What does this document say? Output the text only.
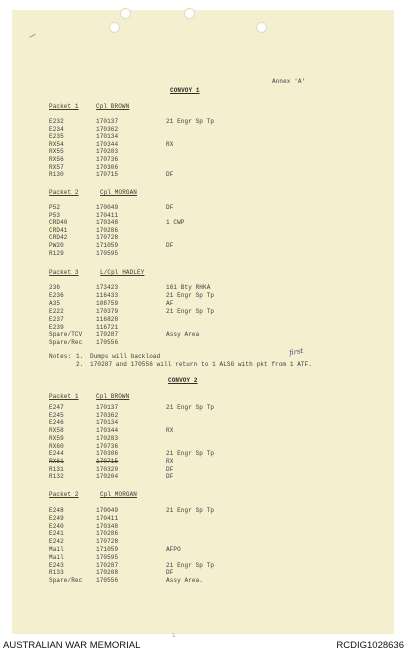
/
Annex 'A'
CONVOY 1
Packet 1	Cpl BROWN
E232	170137	21 Engr Sp Tp
E234	170362
E235	170134
RX54	170344	RX
RX55	170283
RX56	170736
RX57	170306
R130	170715	DF
Packet 2	Cpl MORGAN
P52	170049	DF
P53	170411
CRD40	170348	1 CWP
CRD41	170286
CRD42	170728
PW20	171059	DF
R129	170595
Packet 3	L/Cpl HADLEY
236	173423	161 Bty RHKA
E236	116433	21 Engr Sp Tp
A35	108759	AF
E222	170379	21 Engr Sp Tp
E237	116828
E239	116721
Spare/TCV 170287	Assy Area
Spare/Rec 170556
Notes: 1. Dumps will backload
2. 170287 and 170556 will return to 1 ALSG with pkt from 1 ATF.
first
CONVOY 2
Packet 1	Cpl BROWN
E247	170137	21 Engr Sp Tp
E245	170362
E246	170134
RX58	170344	RX
RX59	170283
RX60	170736
E244	170306	21 Engr Sp Tp
RX61	170715	RX
R131	170320	DF
R132	170204	DF
Packet 2	Cpl MORGAN
E248	170049	21 Engr Sp Tp
E249	170411
E240	170348
E241	170286
E242	170728
Mail	171059	AFPO
Mail	170595
E243	170287	21 Engr Sp Tp
R133	170208	DF
Spare/Rec 170556	Assy Area.
ı
AUSTRALIAN WAR MEMORIAL	RCDIG1028636
